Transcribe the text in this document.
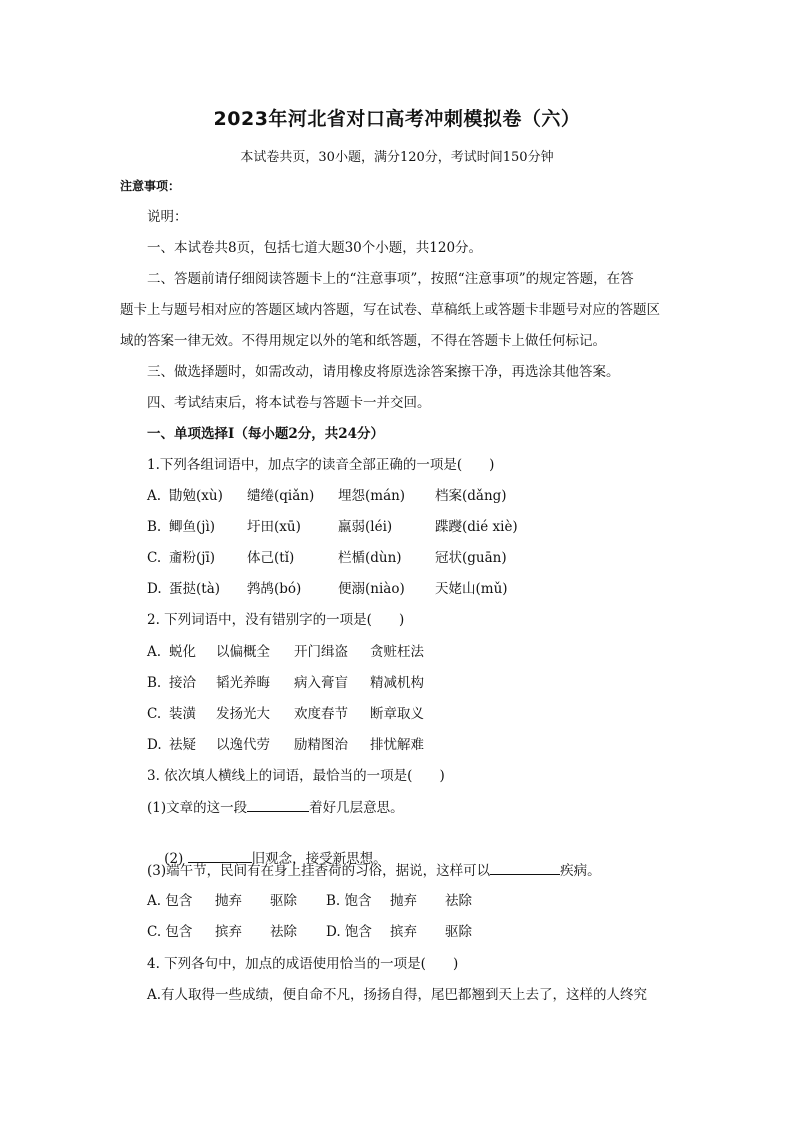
2023年河北省对口高考冲刺模拟卷（六）
本试卷共页，30小题，满分120分，考试时间150分钟
注意事项：
说明：
一、本试卷共8页，包括七道大题30个小题，共120分。
二、答题前请仔细阅读答题卡上的“注意事项”，按照“注意事项”的规定答题，在答
题卡上与题号相对应的答题区域内答题，写在试卷、草稿纸上或答题卡非题号对应的答题区
域的答案一律无效。不得用规定以外的笔和纸答题，不得在答题卡上做任何标记。
三、做选择题时，如需改动，请用橡皮将原选涂答案擦干净，再选涂其他答案。
四、考试结束后，将本试卷与答题卡一并交回。
一、单项选择Ⅰ（每小题2分，共24分）
1.下列各组词语中，加点字的读音全部正确的一项是(　　)
A. 勖勉(xù) 缱绻(qiǎn) 埋怨(mán) 档案(dǎng)
B. 鲫鱼(jì) 圩田(xū)	羸弱(léi)	蹀躞(dié xiè)
C. 齑粉(jī) 体己(tǐ)	栏楯(dùn) 冠状(guān)
D. 蛋挞(tà) 鹁鸪(bó)	便溺(niào) 天姥山(mǔ)
2. 下列词语中，没有错别字的一项是(　　)
A. 蜕化 以偏概全 开门缉盗 贪赃枉法
B. 接洽 韬光养晦 病入膏盲 精减机构
C. 装潢 发扬光大 欢度春节 断章取义
D. 祛疑 以逸代劳 励精图治 排忧解难
3. 依次填人横线上的词语，最恰当的一项是(　　)
(1)文章的这一段	着好几层意思。

(2)	旧观念，接受新思想。

(3)端午节，民间有在身上挂香荷的习俗，据说，这样可以	疾病。
A. 包含 抛弃 驱除 B. 饱含 抛弃 祛除
C. 包含 摈弃 祛除 D. 饱含 摈弃 驱除
4. 下列各句中，加点的成语使用恰当的一项是(　　)
A.有人取得一些成绩，便自命不凡，扬扬自得，尾巴都翘到天上去了，这样的人终究
